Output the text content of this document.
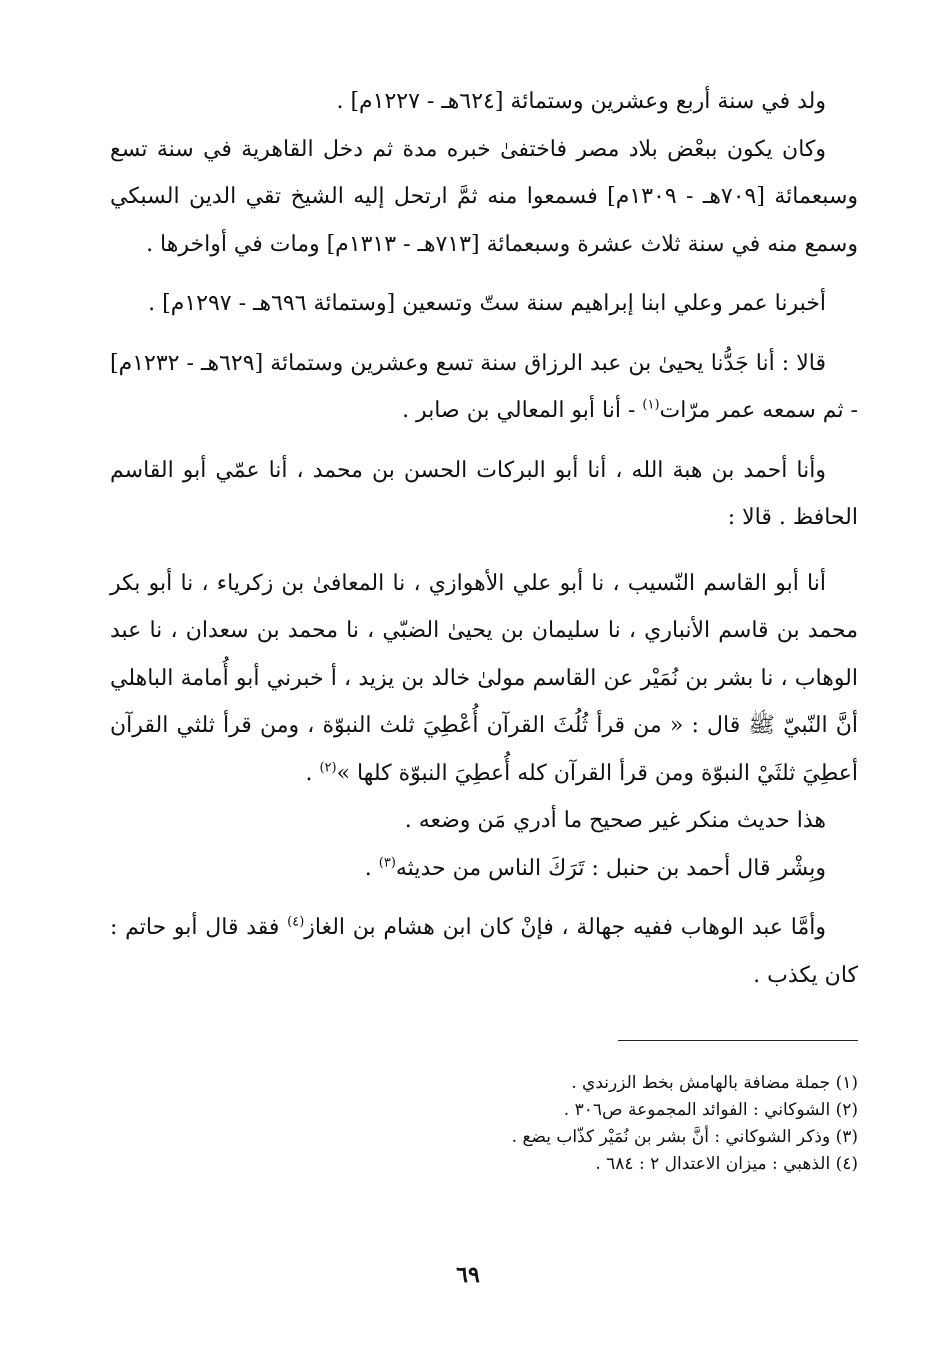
ولد في سنة أربع وعشرين وستمائة [٦٢٤هـ - ١٢٢٧م] .

وكان يكون ببعْض بلاد مصر فاختفىٰ خبره مدة ثم دخل القاهرية في سنة تسع وسبعمائة [٧٠٩هـ - ١٣٠٩م] فسمعوا منه ثمَّ ارتحل إليه الشيخ تقي الدين السبكي وسمع منه في سنة ثلاث عشرة وسبعمائة [٧١٣هـ - ١٣١٣م] ومات في أواخرها .

أخبرنا عمر وعلي ابنا إبراهيم سنة ستّ وتسعين [وستمائة ٦٩٦هـ - ١٢٩٧م] .

قالا : أنا جَدُّنا يحيىٰ بن عبد الرزاق سنة تسع وعشرين وستمائة [٦٢٩هـ - ١٢٣٢م] - ثم سمعه عمر مرّات$^{(١)}$ - أنا أبو المعالي بن صابر .

وأنا أحمد بن هبة الله ، أنا أبو البركات الحسن بن محمد ، أنا عمّي أبو القاسم الحافظ . قالا :

أنا أبو القاسم النّسيب ، نا أبو علي الأهوازي ، نا المعافىٰ بن زكرياء ، نا أبو بكر محمد بن قاسم الأنباري ، نا سليمان بن يحيىٰ الضبّي ، نا محمد بن سعدان ، نا عبد الوهاب ، نا بشر بن نُمَيْر عن القاسم مولىٰ خالد بن يزيد ، أ خبرني أبو أُمامة الباهلي أنَّ النّبيّ ﷺ قال : « من قرأ ثُلُثَ القرآن أُعْطِيَ ثلث النبوّة ، ومن قرأ ثلثي القرآن أعطِيَ ثلثَيْ النبوّة ومن قرأ القرآن كله أُعطِيَ النبوّة كلها »$^{(٢)}$ .

هذا حديث منكر غير صحيح ما أدري مَن وضعه .

وبِشْر قال أحمد بن حنبل : تَرَكَ الناس من حديثه$^{(٣)}$ .

وأمَّا عبد الوهاب ففيه جهالة ، فإنْ كان ابن هشام بن الغاز$^{(٤)}$ فقد قال أبو حاتم : كان يكذب .

(١) جملة مضافة بالهامش بخط الزرندي .

(٢) الشوكاني : الفوائد المجموعة ص٣٠٦ .

(٣) وذكر الشوكاني : أنَّ بشر بن نُمَيْر كذّاب يضع .

(٤) الذهبي : ميزان الاعتدال ٢ : ٦٨٤ .

٦٩
